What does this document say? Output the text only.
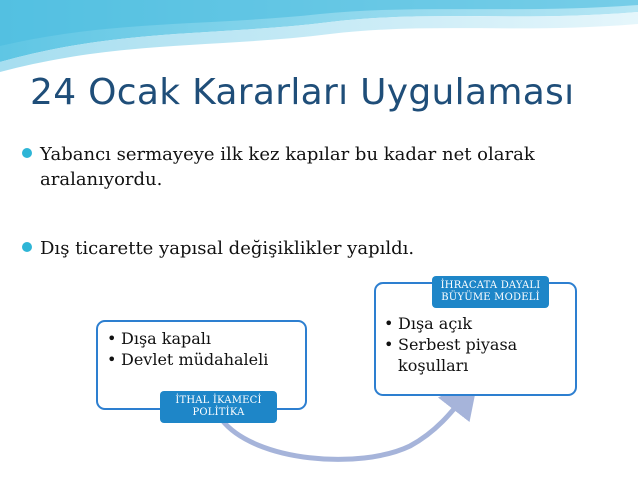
24 Ocak Kararları Uygulaması
Yabancı sermayeye ilk kez kapılar bu kadar net olarak
aralanıyordu.
Dış ticarette yapısal değişiklikler yapıldı.
• Dışa kapalı
• Devlet müdahaleli
İTHAL İKAMECİ
POLİTİKA
• Dışa açık
• Serbest piyasa
koşulları
İHRACATA DAYALI
BÜYÜME MODELİ
